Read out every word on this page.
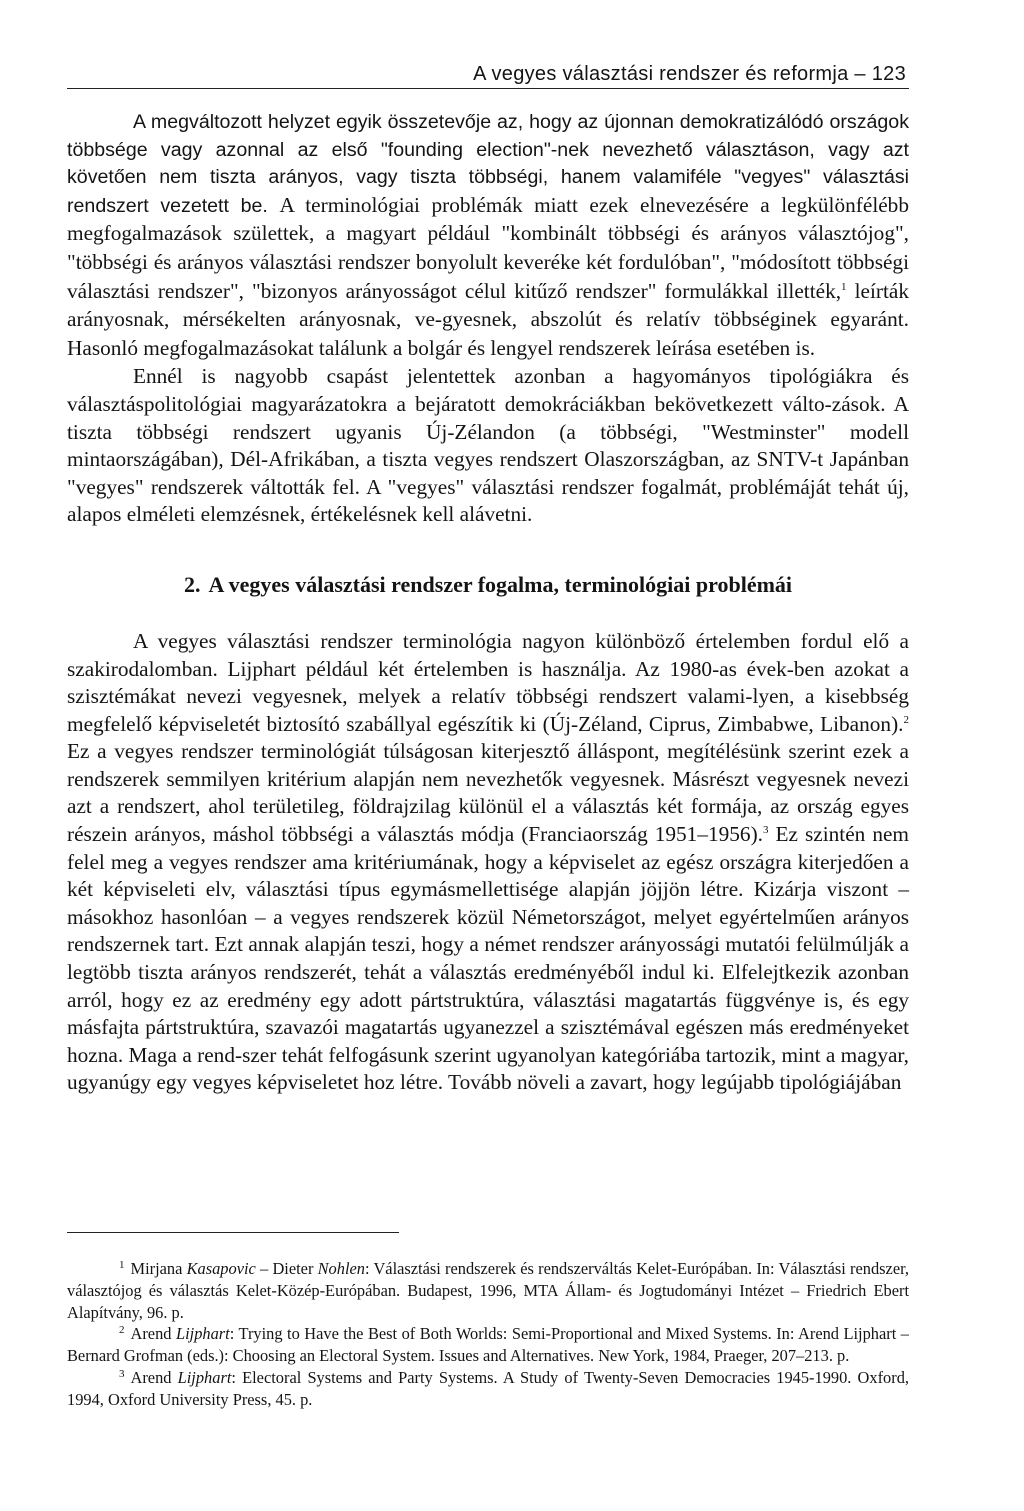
A vegyes választási rendszer és reformja – 123

A megváltozott helyzet egyik összetevője az, hogy az újonnan demokratizálódó országok többsége vagy azonnal az első "founding election"-nek nevezhető választáson, vagy azt követően nem tiszta arányos, vagy tiszta többségi, hanem valamiféle "vegyes" választási rendszert vezetett be. A terminológiai problémák miatt ezek elnevezésére a legkülönfélébb megfogalmazások születtek, a magyart például "kombinált többségi és arányos választójog", "többségi és arányos választási rendszer bonyolult keveréke két fordulóban", "módosított többségi választási rendszer", "bizonyos arányosságot célul kitűző rendszer" formulákkal illették,$^1$ leírták arányosnak, mérsékelten arányosnak, ve-gyesnek, abszolút és relatív többséginek egyaránt. Hasonló megfogalmazásokat találunk a bolgár és lengyel rendszerek leírása esetében is.

Ennél is nagyobb csapást jelentettek azonban a hagyományos tipológiákra és választáspolitológiai magyarázatokra a bejáratott demokráciákban bekövetkezett válto-zások. A tiszta többségi rendszert ugyanis Új-Zélandon (a többségi, "Westminster" modell mintaországában), Dél-Afrikában, a tiszta vegyes rendszert Olaszországban, az SNTV-t Japánban "vegyes" rendszerek váltották fel. A "vegyes" választási rendszer fogalmát, problémáját tehát új, alapos elméleti elemzésnek, értékelésnek kell alávetni.

2. A vegyes választási rendszer fogalma, terminológiai problémái

A vegyes választási rendszer terminológia nagyon különböző értelemben fordul elő a szakirodalomban. Lijphart például két értelemben is használja. Az 1980-as évek-ben azokat a szisztémákat nevezi vegyesnek, melyek a relatív többségi rendszert valami-lyen, a kisebbség megfelelő képviseletét biztosító szabállyal egészítik ki (Új-Zéland, Ciprus, Zimbabwe, Libanon).$^2$ Ez a vegyes rendszer terminológiát túlságosan kiterjesztő álláspont, megítélésünk szerint ezek a rendszerek semmilyen kritérium alapján nem nevezhetők vegyesnek. Másrészt vegyesnek nevezi azt a rendszert, ahol területileg, földrajzilag különül el a választás két formája, az ország egyes részein arányos, máshol többségi a választás módja (Franciaország 1951–1956).$^3$ Ez szintén nem felel meg a vegyes rendszer ama kritériumának, hogy a képviselet az egész országra kiterjedően a két képviseleti elv, választási típus egymásmellettisége alapján jöjjön létre. Kizárja viszont – másokhoz hasonlóan – a vegyes rendszerek közül Németországot, melyet egyértelműen arányos rendszernek tart. Ezt annak alapján teszi, hogy a német rendszer arányossági mutatói felülmúlják a legtöbb tiszta arányos rendszerét, tehát a választás eredményéből indul ki. Elfelejtkezik azonban arról, hogy ez az eredmény egy adott pártstruktúra, választási magatartás függvénye is, és egy másfajta pártstruktúra, szavazói magatartás ugyanezzel a szisztémával egészen más eredményeket hozna. Maga a rend-szer tehát felfogásunk szerint ugyanolyan kategóriába tartozik, mint a magyar, ugyanúgy egy vegyes képviseletet hoz létre. Tovább növeli a zavart, hogy legújabb tipológiájában

$^1$ Mirjana Kasapovic – Dieter Nohlen: Választási rendszerek és rendszerváltás Kelet-Európában. In: Választási rendszer, választójog és választás Kelet-Közép-Európában. Budapest, 1996, MTA Állam- és Jogtudományi Intézet – Friedrich Ebert Alapítvány, 96. p.

$^2$ Arend Lijphart: Trying to Have the Best of Both Worlds: Semi-Proportional and Mixed Systems. In: Arend Lijphart – Bernard Grofman (eds.): Choosing an Electoral System. Issues and Alternatives. New York, 1984, Praeger, 207–213. p.

$^3$ Arend Lijphart: Electoral Systems and Party Systems. A Study of Twenty-Seven Democracies 1945-1990. Oxford, 1994, Oxford University Press, 45. p.
